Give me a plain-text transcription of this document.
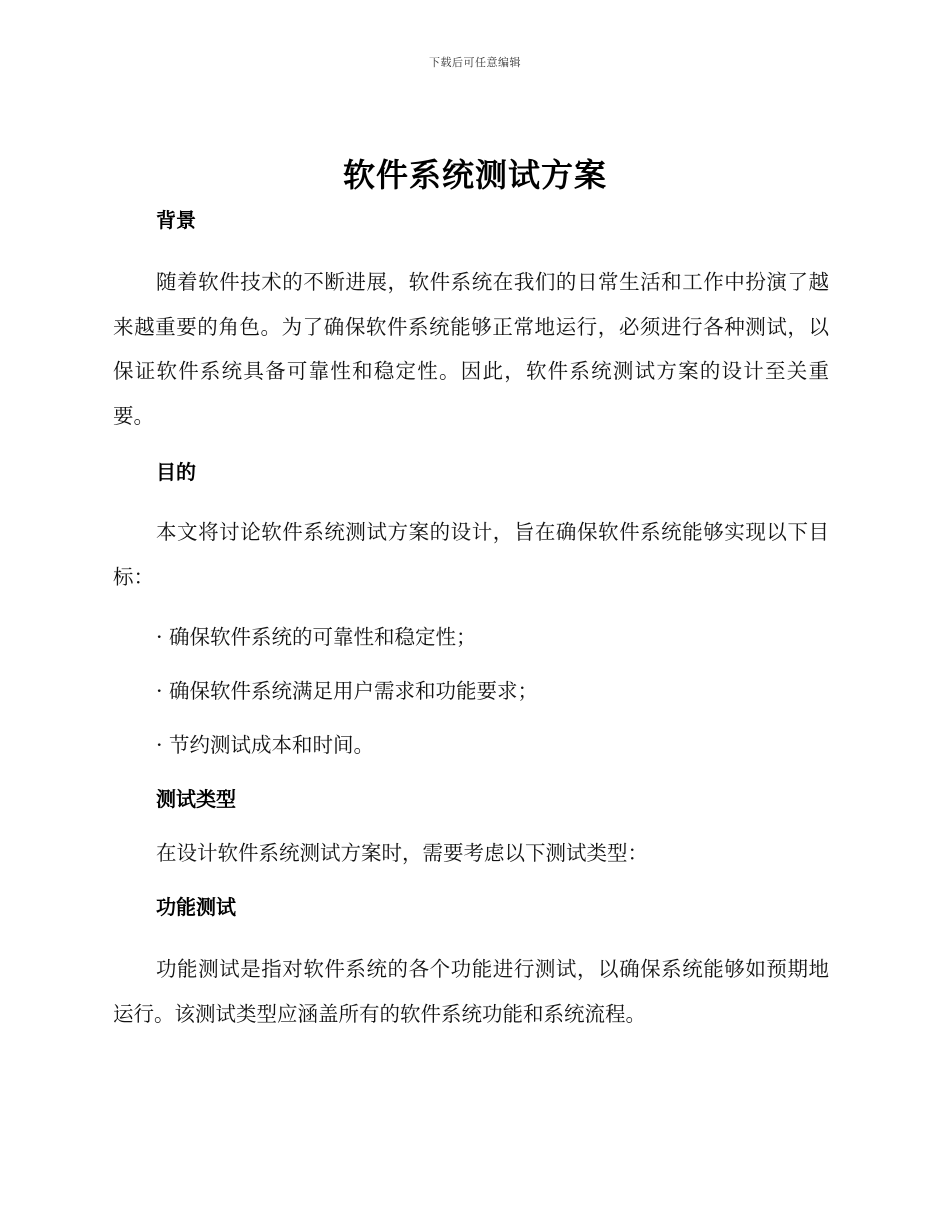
下载后可任意编辑
软件系统测试方案
背景

随着软件技术的不断进展，软件系统在我们的日常生活和工作中扮演了越来越重要的角色。为了确保软件系统能够正常地运行，必须进行各种测试，以保证软件系统具备可靠性和稳定性。因此，软件系统测试方案的设计至关重要。

目的

本文将讨论软件系统测试方案的设计，旨在确保软件系统能够实现以下目标：

· 确保软件系统的可靠性和稳定性；
· 确保软件系统满足用户需求和功能要求；
· 节约测试成本和时间。
测试类型
在设计软件系统测试方案时，需要考虑以下测试类型：
功能测试

功能测试是指对软件系统的各个功能进行测试，以确保系统能够如预期地运行。该测试类型应涵盖所有的软件系统功能和系统流程。
